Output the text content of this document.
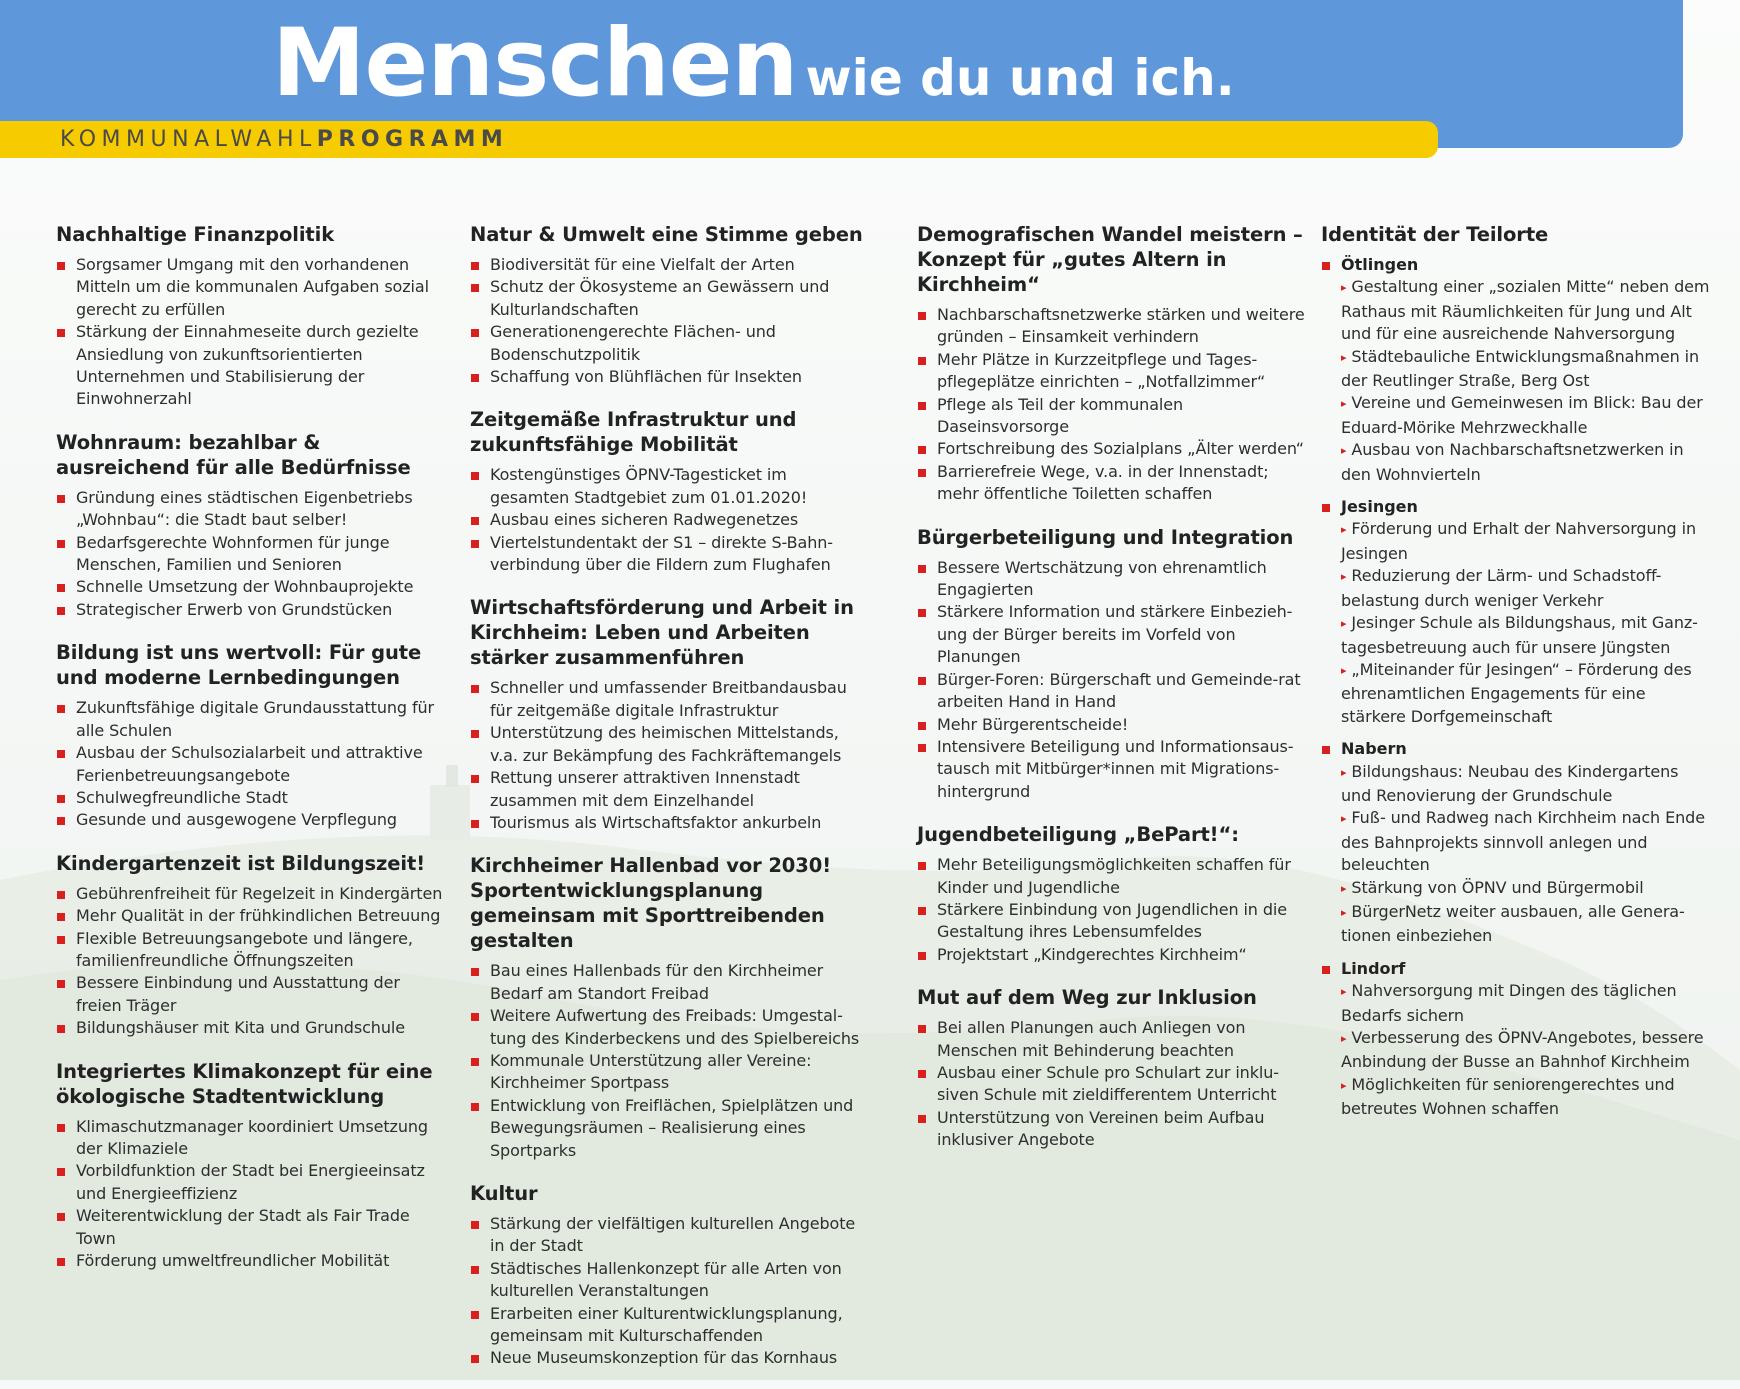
Menschen wie du und ich.
KOMMUNALWAHLPROGRAMM
Nachhaltige Finanzpolitik
Sorgsamer Umgang mit den vorhandenen Mitteln um die kommunalen Aufgaben sozial gerecht zu erfüllen
Stärkung der Einnahmeseite durch gezielte Ansiedlung von zukunftsorientierten Unternehmen und Stabilisierung der Einwohnerzahl
Wohnraum: bezahlbar & ausreichend für alle Bedürfnisse
Gründung eines städtischen Eigenbetriebs „Wohnbau“: die Stadt baut selber!
Bedarfsgerechte Wohnformen für junge Menschen, Familien und Senioren
Schnelle Umsetzung der Wohnbauprojekte
Strategischer Erwerb von Grundstücken
Bildung ist uns wertvoll: Für gute und moderne Lernbedingungen
Zukunftsfähige digitale Grundausstattung für alle Schulen
Ausbau der Schulsozialarbeit und attraktive Ferienbetreuungsangebote
Schulwegfreundliche Stadt
Gesunde und ausgewogene Verpflegung
Kindergartenzeit ist Bildungszeit!
Gebührenfreiheit für Regelzeit in Kindergärten
Mehr Qualität in der frühkindlichen Betreuung
Flexible Betreuungsangebote und längere, familienfreundliche Öffnungszeiten
Bessere Einbindung und Ausstattung der freien Träger
Bildungshäuser mit Kita und Grundschule
Integriertes Klimakonzept für eine ökologische Stadtentwicklung
Klimaschutzmanager koordiniert Umsetzung der Klimaziele
Vorbildfunktion der Stadt bei Energieeinsatz und Energieeffizienz
Weiterentwicklung der Stadt als Fair Trade Town
Förderung umweltfreundlicher Mobilität
Natur & Umwelt eine Stimme geben
Biodiversität für eine Vielfalt der Arten
Schutz der Ökosysteme an Gewässern und Kulturlandschaften
Generationengerechte Flächen- und Bodenschutzpolitik
Schaffung von Blühflächen für Insekten
Zeitgemäße Infrastruktur und zukunftsfähige Mobilität
Kostengünstiges ÖPNV-Tagesticket im gesamten Stadtgebiet zum 01.01.2020!
Ausbau eines sicheren Radwegenetzes
Viertelstundentakt der S1 – direkte S-Bahn-verbindung über die Fildern zum Flughafen
Wirtschaftsförderung und Arbeit in Kirchheim: Leben und Arbeiten stärker zusammenführen
Schneller und umfassender Breitbandausbau für zeitgemäße digitale Infrastruktur
Unterstützung des heimischen Mittelstands, v.a. zur Bekämpfung des Fachkräftemangels
Rettung unserer attraktiven Innenstadt zusammen mit dem Einzelhandel
Tourismus als Wirtschaftsfaktor ankurbeln
Kirchheimer Hallenbad vor 2030! Sportentwicklungsplanung gemeinsam mit Sporttreibenden gestalten
Bau eines Hallenbads für den Kirchheimer Bedarf am Standort Freibad
Weitere Aufwertung des Freibads: Umgestal-tung des Kinderbeckens und des Spielbereichs
Kommunale Unterstützung aller Vereine: Kirchheimer Sportpass
Entwicklung von Freiflächen, Spielplätzen und Bewegungsräumen – Realisierung eines Sportparks
Kultur
Stärkung der vielfältigen kulturellen Angebote in der Stadt
Städtisches Hallenkonzept für alle Arten von kulturellen Veranstaltungen
Erarbeiten einer Kulturentwicklungsplanung, gemeinsam mit Kulturschaffenden
Neue Museumskonzeption für das Kornhaus
Demografischen Wandel meistern – Konzept für „gutes Altern in Kirchheim“
Nachbarschaftsnetzwerke stärken und weitere gründen – Einsamkeit verhindern
Mehr Plätze in Kurzzeitpflege und Tages-pflegeplätze einrichten – „Notfallzimmer“
Pflege als Teil der kommunalen Daseinsvorsorge
Fortschreibung des Sozialplans „Älter werden“
Barrierefreie Wege, v.a. in der Innenstadt; mehr öffentliche Toiletten schaffen
Bürgerbeteiligung und Integration
Bessere Wertschätzung von ehrenamtlich Engagierten
Stärkere Information und stärkere Einbezieh-ung der Bürger bereits im Vorfeld von Planungen
Bürger-Foren: Bürgerschaft und Gemeinde-rat arbeiten Hand in Hand
Mehr Bürgerentscheide!
Intensivere Beteiligung und Informationsaus-tausch mit Mitbürger*innen mit Migrations-hintergrund
Jugendbeteiligung „BePart!“:
Mehr Beteiligungsmöglichkeiten schaffen für Kinder und Jugendliche
Stärkere Einbindung von Jugendlichen in die Gestaltung ihres Lebensumfeldes
Projektstart „Kindgerechtes Kirchheim“
Mut auf dem Weg zur Inklusion
Bei allen Planungen auch Anliegen von Menschen mit Behinderung beachten
Ausbau einer Schule pro Schulart zur inklu-siven Schule mit zieldifferentem Unterricht
Unterstützung von Vereinen beim Aufbau inklusiver Angebote
Identität der Teilorte
Ötlingen
▸ Gestaltung einer „sozialen Mitte“ neben dem Rathaus mit Räumlichkeiten für Jung und Alt und für eine ausreichende Nahversorgung
▸ Städtebauliche Entwicklungsmaßnahmen in der Reutlinger Straße, Berg Ost
▸ Vereine und Gemeinwesen im Blick: Bau der Eduard-Mörike Mehrzweckhalle
▸ Ausbau von Nachbarschaftsnetzwerken in den Wohnvierteln
Jesingen
▸ Förderung und Erhalt der Nahversorgung in Jesingen
▸ Reduzierung der Lärm- und Schadstoff-belastung durch weniger Verkehr
▸ Jesinger Schule als Bildungshaus, mit Ganz-tagesbetreuung auch für unsere Jüngsten
▸ „Miteinander für Jesingen“ – Förderung des ehrenamtlichen Engagements für eine stärkere Dorfgemeinschaft
Nabern
▸ Bildungshaus: Neubau des Kindergartens und Renovierung der Grundschule
▸ Fuß- und Radweg nach Kirchheim nach Ende des Bahnprojekts sinnvoll anlegen und beleuchten
▸ Stärkung von ÖPNV und Bürgermobil
▸ BürgerNetz weiter ausbauen, alle Genera-tionen einbeziehen
Lindorf
▸ Nahversorgung mit Dingen des täglichen Bedarfs sichern
▸ Verbesserung des ÖPNV-Angebotes, bessere Anbindung der Busse an Bahnhof Kirchheim
▸ Möglichkeiten für seniorengerechtes und betreutes Wohnen schaffen
